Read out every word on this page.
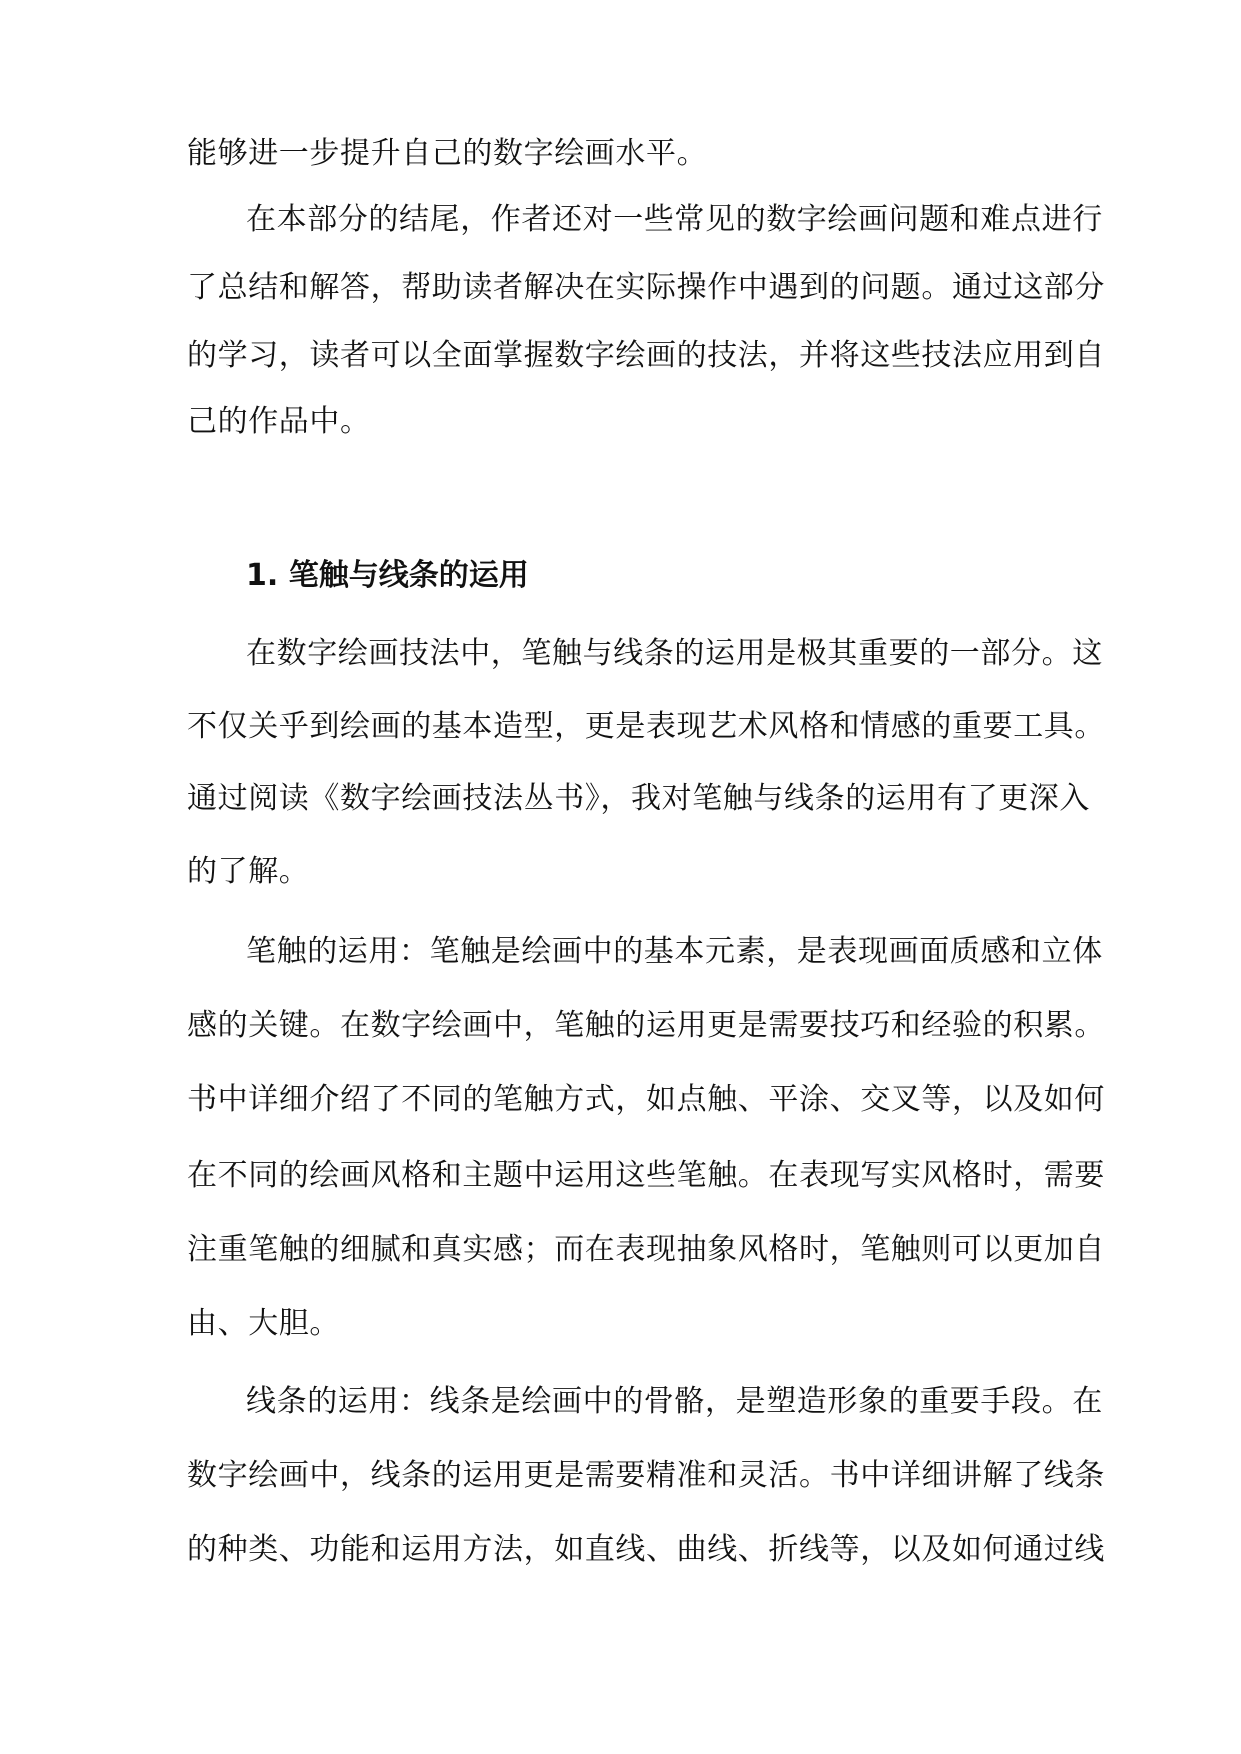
能够进一步提升自己的数字绘画水平。
在本部分的结尾，作者还对一些常见的数字绘画问题和难点进行
了总结和解答，帮助读者解决在实际操作中遇到的问题。通过这部分
的学习，读者可以全面掌握数字绘画的技法，并将这些技法应用到自
己的作品中。
1. 笔触与线条的运用
在数字绘画技法中，笔触与线条的运用是极其重要的一部分。这
不仅关乎到绘画的基本造型，更是表现艺术风格和情感的重要工具。
通过阅读《数字绘画技法丛书》，我对笔触与线条的运用有了更深入
的了解。
笔触的运用：笔触是绘画中的基本元素，是表现画面质感和立体
感的关键。在数字绘画中，笔触的运用更是需要技巧和经验的积累。
书中详细介绍了不同的笔触方式，如点触、平涂、交叉等，以及如何
在不同的绘画风格和主题中运用这些笔触。在表现写实风格时，需要
注重笔触的细腻和真实感；而在表现抽象风格时，笔触则可以更加自
由、大胆。
线条的运用：线条是绘画中的骨骼，是塑造形象的重要手段。在
数字绘画中，线条的运用更是需要精准和灵活。书中详细讲解了线条
的种类、功能和运用方法，如直线、曲线、折线等，以及如何通过线
